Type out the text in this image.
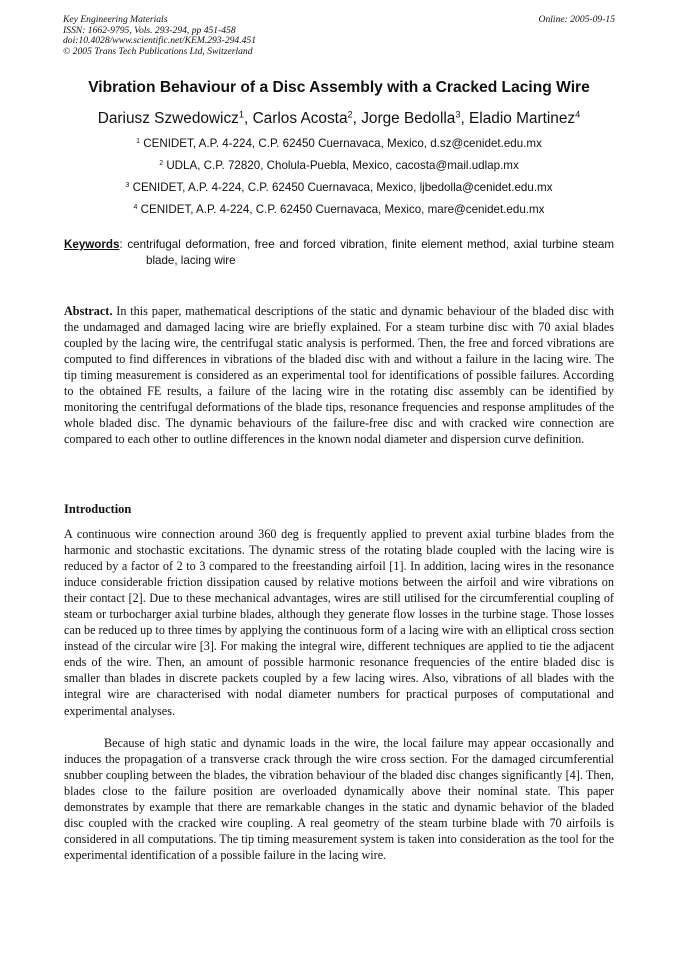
Key Engineering Materials
ISSN: 1662-9795, Vols. 293-294, pp 451-458
doi:10.4028/www.scientific.net/KEM.293-294.451
© 2005 Trans Tech Publications Ltd, Switzerland
Online: 2005-09-15
Vibration Behaviour of a Disc Assembly with a Cracked Lacing Wire
Dariusz Szwedowicz$^1$, Carlos Acosta$^2$, Jorge Bedolla$^3$, Eladio Martinez$^4$
$^1$ CENIDET, A.P. 4-224, C.P. 62450 Cuernavaca, Mexico, d.sz@cenidet.edu.mx
$^2$ UDLA, C.P. 72820, Cholula-Puebla, Mexico, cacosta@mail.udlap.mx
$^3$ CENIDET, A.P. 4-224, C.P. 62450 Cuernavaca, Mexico, ljbedolla@cenidet.edu.mx
$^4$ CENIDET, A.P. 4-224, C.P. 62450 Cuernavaca, Mexico, mare@cenidet.edu.mx
Keywords: centrifugal deformation, free and forced vibration, finite element method, axial turbine steam blade, lacing wire

Abstract. In this paper, mathematical descriptions of the static and dynamic behaviour of the bladed disc with the undamaged and damaged lacing wire are briefly explained. For a steam turbine disc with 70 axial blades coupled by the lacing wire, the centrifugal static analysis is performed. Then, the free and forced vibrations are computed to find differences in vibrations of the bladed disc with and without a failure in the lacing wire. The tip timing measurement is considered as an experimental tool for identifications of possible failures. According to the obtained FE results, a failure of the lacing wire in the rotating disc assembly can be identified by monitoring the centrifugal deformations of the blade tips, resonance frequencies and response amplitudes of the whole bladed disc. The dynamic behaviours of the failure-free disc and with cracked wire connection are compared to each other to outline differences in the known nodal diameter and dispersion curve definition.

Introduction
A continuous wire connection around 360 deg is frequently applied to prevent axial turbine blades from the harmonic and stochastic excitations. The dynamic stress of the rotating blade coupled with the lacing wire is reduced by a factor of 2 to 3 compared to the freestanding airfoil [1]. In addition, lacing wires in the resonance induce considerable friction dissipation caused by relative motions between the airfoil and wire vibrations on their contact [2]. Due to these mechanical advantages, wires are still utilised for the circumferential coupling of steam or turbocharger axial turbine blades, although they generate flow losses in the turbine stage. Those losses can be reduced up to three times by applying the continuous form of a lacing wire with an elliptical cross section instead of the circular wire [3]. For making the integral wire, different techniques are applied to tie the adjacent ends of the wire. Then, an amount of possible harmonic resonance frequencies of the entire bladed disc is smaller than blades in discrete packets coupled by a few lacing wires. Also, vibrations of all blades with the integral wire are characterised with nodal diameter numbers for practical purposes of computational and experimental analyses.
Because of high static and dynamic loads in the wire, the local failure may appear occasionally and induces the propagation of a transverse crack through the wire cross section. For the damaged circumferential snubber coupling between the blades, the vibration behaviour of the bladed disc changes significantly [4]. Then, blades close to the failure position are overloaded dynamically above their nominal state. This paper demonstrates by example that there are remarkable changes in the static and dynamic behavior of the bladed disc coupled with the cracked wire coupling. A real geometry of the steam turbine blade with 70 airfoils is considered in all computations. The tip timing measurement system is taken into consideration as the tool for the experimental identification of a possible failure in the lacing wire.
